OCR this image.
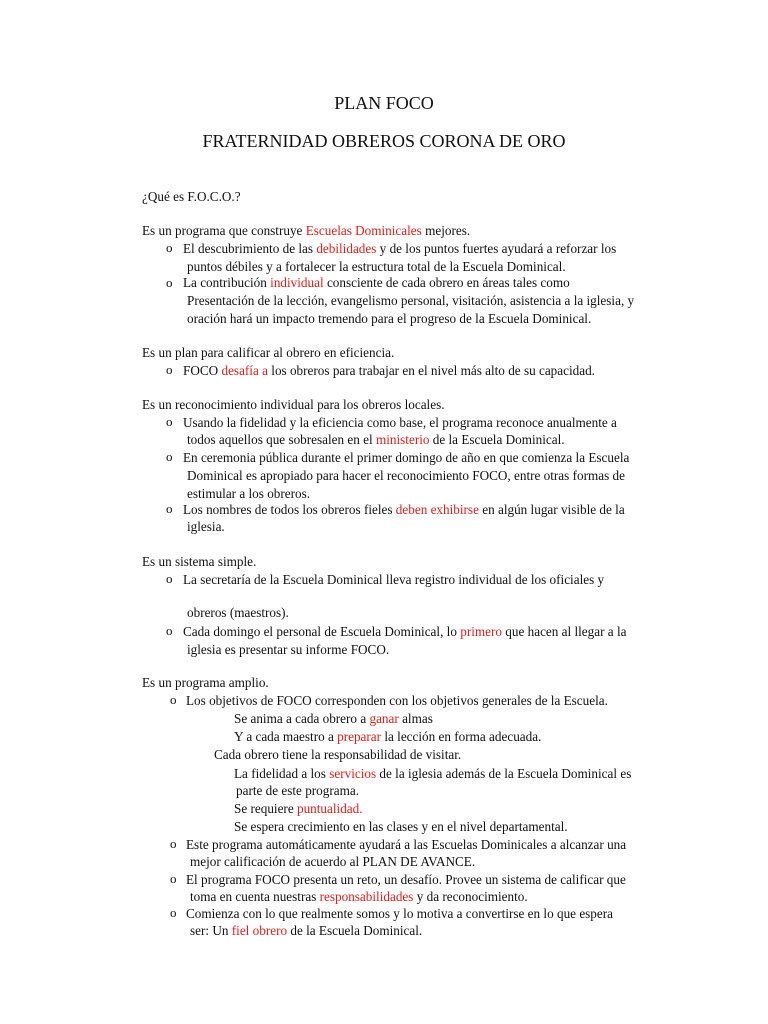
PLAN FOCO
FRATERNIDAD OBREROS CORONA DE ORO
¿Qué es F.O.C.O.?
Es un programa que construye Escuelas Dominicales mejores.
o El descubrimiento de las debilidades y de los puntos fuertes ayudará a reforzar los
puntos débiles y a fortalecer la estructura total de la Escuela Dominical.
o La contribución individual consciente de cada obrero en áreas tales como
Presentación de la lección, evangelismo personal, visitación, asistencia a la iglesia, y
oración hará un impacto tremendo para el progreso de la Escuela Dominical.
Es un plan para calificar al obrero en eficiencia.
o FOCO desafía a los obreros para trabajar en el nivel más alto de su capacidad.
Es un reconocimiento individual para los obreros locales.
o Usando la fidelidad y la eficiencia como base, el programa reconoce anualmente a
todos aquellos que sobresalen en el ministerio de la Escuela Dominical.
o En ceremonia pública durante el primer domingo de año en que comienza la Escuela
Dominical es apropiado para hacer el reconocimiento FOCO, entre otras formas de
estimular a los obreros.
o Los nombres de todos los obreros fieles deben exhibirse en algún lugar visible de la
iglesia.
Es un sistema simple.
o La secretaría de la Escuela Dominical lleva registro individual de los oficiales y
obreros (maestros).
o Cada domingo el personal de Escuela Dominical, lo primero que hacen al llegar a la
iglesia es presentar su informe FOCO.
Es un programa amplio.
o Los objetivos de FOCO corresponden con los objetivos generales de la Escuela.
Se anima a cada obrero a ganar almas
Y a cada maestro a preparar la lección en forma adecuada.
Cada obrero tiene la responsabilidad de visitar.
La fidelidad a los servicios de la iglesia además de la Escuela Dominical es
parte de este programa.
Se requiere puntualidad.
Se espera crecimiento en las clases y en el nivel departamental.
o Este programa automáticamente ayudará a las Escuelas Dominicales a alcanzar una
mejor calificación de acuerdo al PLAN DE AVANCE.
o El programa FOCO presenta un reto, un desafío. Provee un sistema de calificar que
toma en cuenta nuestras responsabilidades y da reconocimiento.
o Comienza con lo que realmente somos y lo motiva a convertirse en lo que espera
ser: Un fiel obrero de la Escuela Dominical.
